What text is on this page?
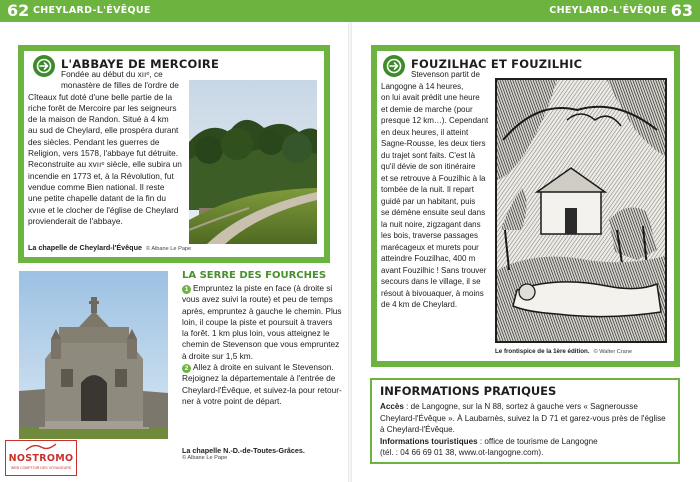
62 CHEYLARD-L'ÉVÊQUE	CHEYLARD-L'ÉVÊQUE 63
L'ABBAYE DE MERCOIRE
Fondée au début du xııᵉ, ce
monastère de filles de l'ordre de
Cîteaux fut doté d'une belle partie de la
riche forêt de Mercoire par les seigneurs
de la maison de Randon. Situé à 4 km
au sud de Cheylard, elle prospéra durant
des siècles. Pendant les guerres de
Religion, vers 1578, l'abbaye fut détruite.
Reconstruite au xvııᵉ siècle, elle subira un
incendie en 1773 et, à la Révolution, fut
vendue comme Bien national. Il reste
une petite chapelle datant de la fin du
xvııe et le clocher de l'église de Cheylard
provienderait de l'abbaye.
La chapelle de Cheylard-l'Évêque © Albane Le Pape
La chapelle N.-D.-de-Toutes-Grâces.
© Albane Le Pape
LA SERRE DES FOURCHES
1 Empruntez la piste en face (à droite si
vous avez suivi la route) et peu de temps
après, empruntez à gauche le chemin. Plus
loin, il coupe la piste et poursuit à travers
la forêt. 1 km plus loin, vous atteignez le
chemin de Stevenson que vous empruntez
à droite sur 1,5 km.
2 Allez à droite en suivant le Stevenson.
Rejoignez la départementale à l'entrée de
Cheylard-l'Évêque, et suivez-la pour retour-
ner à votre point de départ.
FOUZILHAC ET FOUZILHIC
Stevenson partit de
Langogne à 14 heures,
on lui avait prédit une heure
et demie de marche (pour
presque 12 km…). Cependant
en deux heures, il atteint
Sagne-Rousse, les deux tiers
du trajet sont faits. C'est là
qu'il dévie de son itinéraire
et se retrouve à Fouzilhic à la
tombée de la nuit. Il repart
guidé par un habitant, puis
se démène ensuite seul dans
la nuit noire, zigzagant dans
les bois, traverse passages
marécageux et murets pour
atteindre Fouzilhac, 400 m
avant Fouzilhic ! Sans trouver
secours dans le village, il se
résout à bivouaquer, à moins
de 4 km de Cheylard.
Le frontispice de la 1ère édition. © Walter Crane
INFORMATIONS PRATIQUES
Accès : de Langogne, sur la N 88, sortez à gauche vers « Sagnerousse
Cheylard-l'Évêque ». À Laubarnès, suivez la D 71 et garez-vous près de l'église
à Cheylard-l'Évêque.
Informations touristiques : office de tourisme de Langogne
(tél. : 04 66 69 01 38, www.ot-langogne.com).
NOSTROMO
WEB COMPTOIR DES VOYAGEURS
